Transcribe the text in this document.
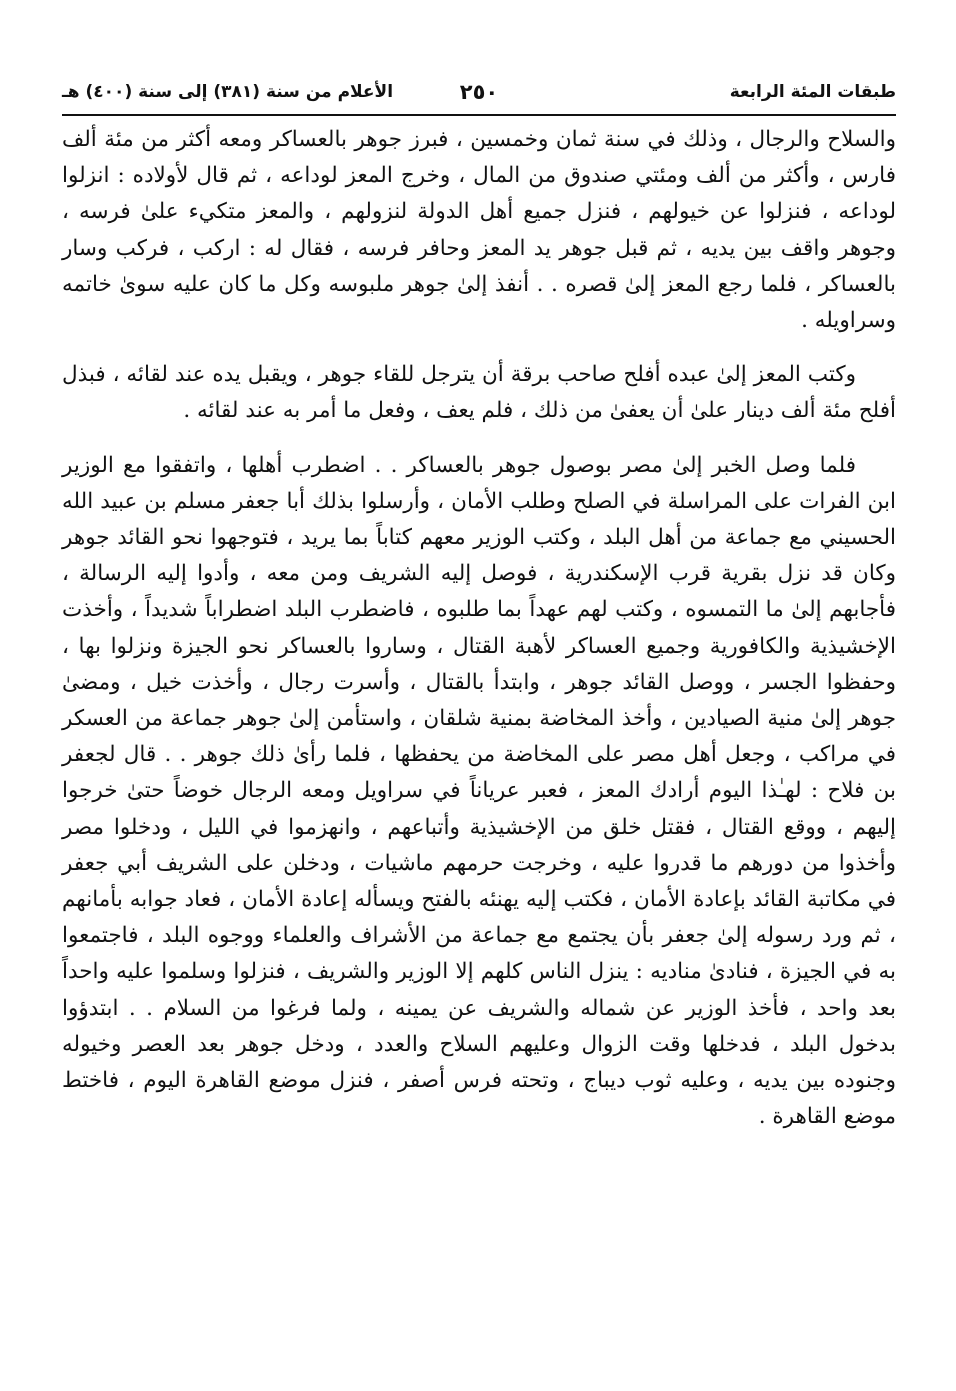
طبقات المئة الرابعة
٢٥٠
الأعلام من سنة (٣٨١) إلى سنة (٤٠٠) هـ

والسلاح والرجال ، وذلك في سنة ثمان وخمسين ، فبرز جوهر بالعساكر ومعه أكثر من مئة ألف فارس ، وأكثر من ألف ومئتي صندوق من المال ، وخرج المعز لوداعه ، ثم قال لأولاده : انزلوا لوداعه ، فنزلوا عن خيولهم ، فنزل جميع أهل الدولة لنزولهم ، والمعز متكيء علىٰ فرسه ، وجوهر واقف بين يديه ، ثم قبل جوهر يد المعز وحافر فرسه ، فقال له : اركب ، فركب وسار بالعساكر ، فلما رجع المعز إلىٰ قصره . . أنفذ إلىٰ جوهر ملبوسه وكل ما كان عليه سوىٰ خاتمه وسراويله .

وكتب المعز إلىٰ عبده أفلح صاحب برقة أن يترجل للقاء جوهر ، ويقبل يده عند لقائه ، فبذل أفلح مئة ألف دينار علىٰ أن يعفىٰ من ذلك ، فلم يعف ، وفعل ما أمر به عند لقائه .

فلما وصل الخبر إلىٰ مصر بوصول جوهر بالعساكر . . اضطرب أهلها ، واتفقوا مع الوزير ابن الفرات على المراسلة في الصلح وطلب الأمان ، وأرسلوا بذلك أبا جعفر مسلم بن عبيد الله الحسيني مع جماعة من أهل البلد ، وكتب الوزير معهم كتاباً بما يريد ، فتوجهوا نحو القائد جوهر وكان قد نزل بقرية قرب الإسكندرية ، فوصل إليه الشريف ومن معه ، وأدوا إليه الرسالة ، فأجابهم إلىٰ ما التمسوه ، وكتب لهم عهداً بما طلبوه ، فاضطرب البلد اضطراباً شديداً ، وأخذت الإخشيذية والكافورية وجميع العساكر لأهبة القتال ، وساروا بالعساكر نحو الجيزة ونزلوا بها ، وحفظوا الجسر ، ووصل القائد جوهر ، وابتدأ بالقتال ، وأسرت رجال ، وأخذت خيل ، ومضىٰ جوهر إلىٰ منية الصيادين ، وأخذ المخاضة بمنية شلقان ، واستأمن إلىٰ جوهر جماعة من العسكر في مراكب ، وجعل أهل مصر على المخاضة من يحفظها ، فلما رأىٰ ذلك جوهر . . قال لجعفر بن فلاح : لهـٰذا اليوم أرادك المعز ، فعبر عرياناً في سراويل ومعه الرجال خوضاً حتىٰ خرجوا إليهم ، ووقع القتال ، فقتل خلق من الإخشيذية وأتباعهم ، وانهزموا في الليل ، ودخلوا مصر وأخذوا من دورهم ما قدروا عليه ، وخرجت حرمهم ماشيات ، ودخلن على الشريف أبي جعفر في مكاتبة القائد بإعادة الأمان ، فكتب إليه يهنئه بالفتح ويسأله إعادة الأمان ، فعاد جوابه بأمانهم ، ثم ورد رسوله إلىٰ جعفر بأن يجتمع مع جماعة من الأشراف والعلماء ووجوه البلد ، فاجتمعوا به في الجيزة ، فنادىٰ مناديه : ينزل الناس كلهم إلا الوزير والشريف ، فنزلوا وسلموا عليه واحداً بعد واحد ، فأخذ الوزير عن شماله والشريف عن يمينه ، ولما فرغوا من السلام . . ابتدؤوا بدخول البلد ، فدخلها وقت الزوال وعليهم السلاح والعدد ، ودخل جوهر بعد العصر وخيوله وجنوده بين يديه ، وعليه ثوب ديباج ، وتحته فرس أصفر ، فنزل موضع القاهرة اليوم ، فاختط موضع القاهرة .
